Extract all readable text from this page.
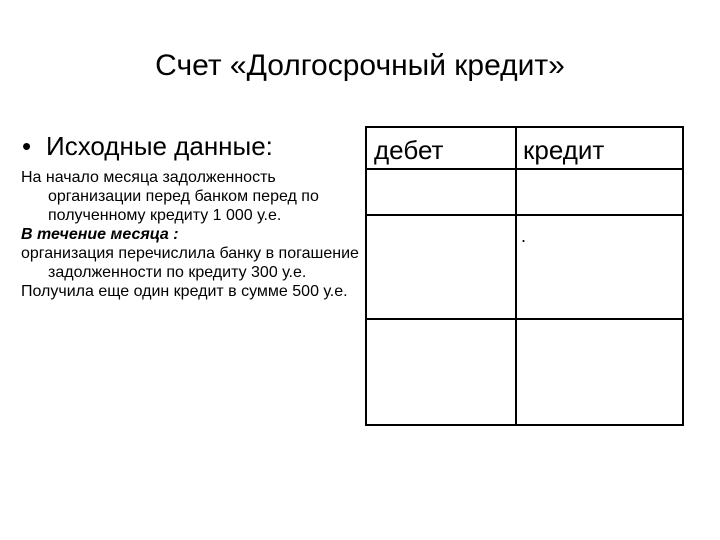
Счет «Долгосрочный кредит»
• Исходные данные:

На начало месяца задолженность организации перед банком перед по полученному кредиту 1 000 у.е.

В течение месяца :

организация перечислила банку в погашение задолженности по кредиту 300 у.е.

Получила еще один кредит в сумме 500 у.е.

дебет	кредит
.
